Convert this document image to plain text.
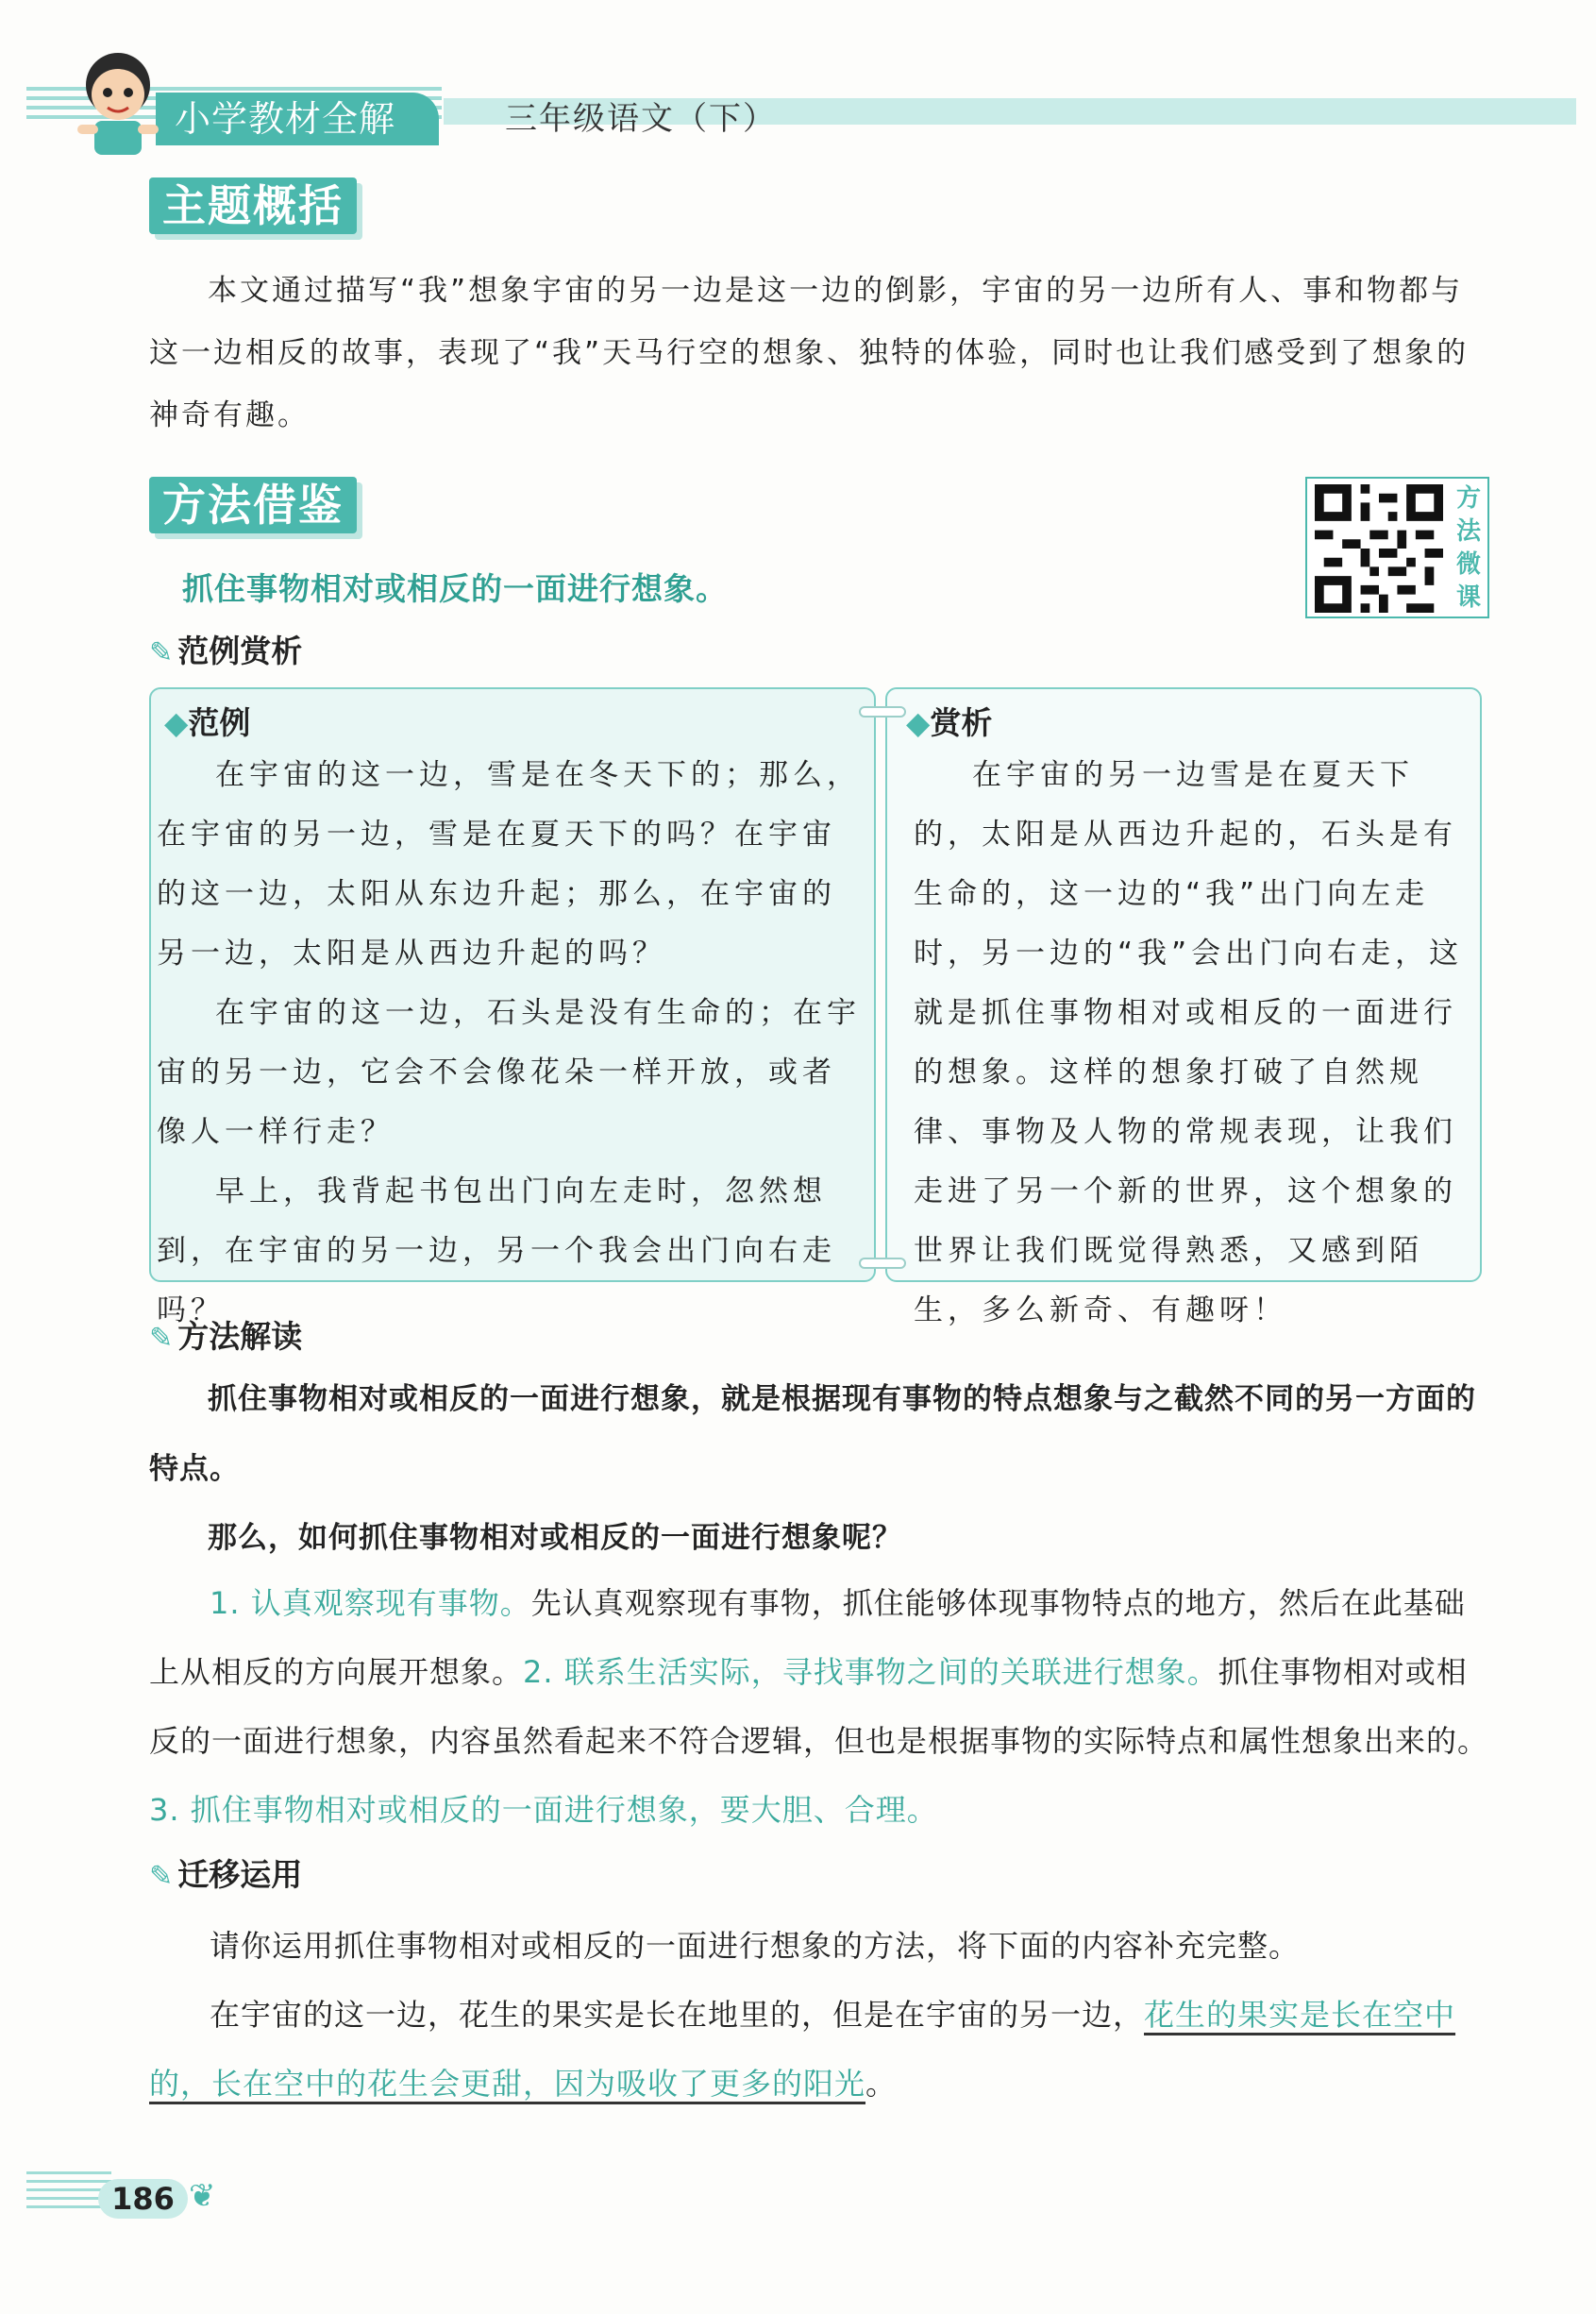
小学教材全解	三年级语文（下）
主题概括
本文通过描写“我”想象宇宙的另一边是这一边的倒影，宇宙的另一边所有人、事和物都与这一边相反的故事，表现了“我”天马行空的想象、独特的体验，同时也让我们感受到了想象的神奇有趣。
方法借鉴	方
法
微
课
抓住事物相对或相反的一面进行想象。
✎ 范例赏析
◆范例
在宇宙的这一边，雪是在冬天下的；那么，在宇宙的另一边，雪是在夏天下的吗？在宇宙的这一边，太阳从东边升起；那么，在宇宙的另一边，太阳是从西边升起的吗？
在宇宙的这一边，石头是没有生命的；在宇宙的另一边，它会不会像花朵一样开放，或者像人一样行走？
早上，我背起书包出门向左走时，忽然想到，在宇宙的另一边，另一个我会出门向右走吗？
◆赏析
在宇宙的另一边雪是在夏天下的，太阳是从西边升起的，石头是有生命的，这一边的“我”出门向左走时，另一边的“我”会出门向右走，这就是抓住事物相对或相反的一面进行的想象。这样的想象打破了自然规律、事物及人物的常规表现，让我们走进了另一个新的世界，这个想象的世界让我们既觉得熟悉，又感到陌生，多么新奇、有趣呀！
✎ 方法解读
抓住事物相对或相反的一面进行想象，就是根据现有事物的特点想象与之截然不同的另一方面的特点。
那么，如何抓住事物相对或相反的一面进行想象呢？
1. 认真观察现有事物。先认真观察现有事物，抓住能够体现事物特点的地方，然后在此基础上从相反的方向展开想象。2. 联系生活实际，寻找事物之间的关联进行想象。抓住事物相对或相反的一面进行想象，内容虽然看起来不符合逻辑，但也是根据事物的实际特点和属性想象出来的。3. 抓住事物相对或相反的一面进行想象，要大胆、合理。
✎ 迁移运用
请你运用抓住事物相对或相反的一面进行想象的方法，将下面的内容补充完整。
在宇宙的这一边，花生的果实是长在地里的，但是在宇宙的另一边，花生的果实是长在空中的，长在空中的花生会更甜，因为吸收了更多的阳光。
186 ❦
